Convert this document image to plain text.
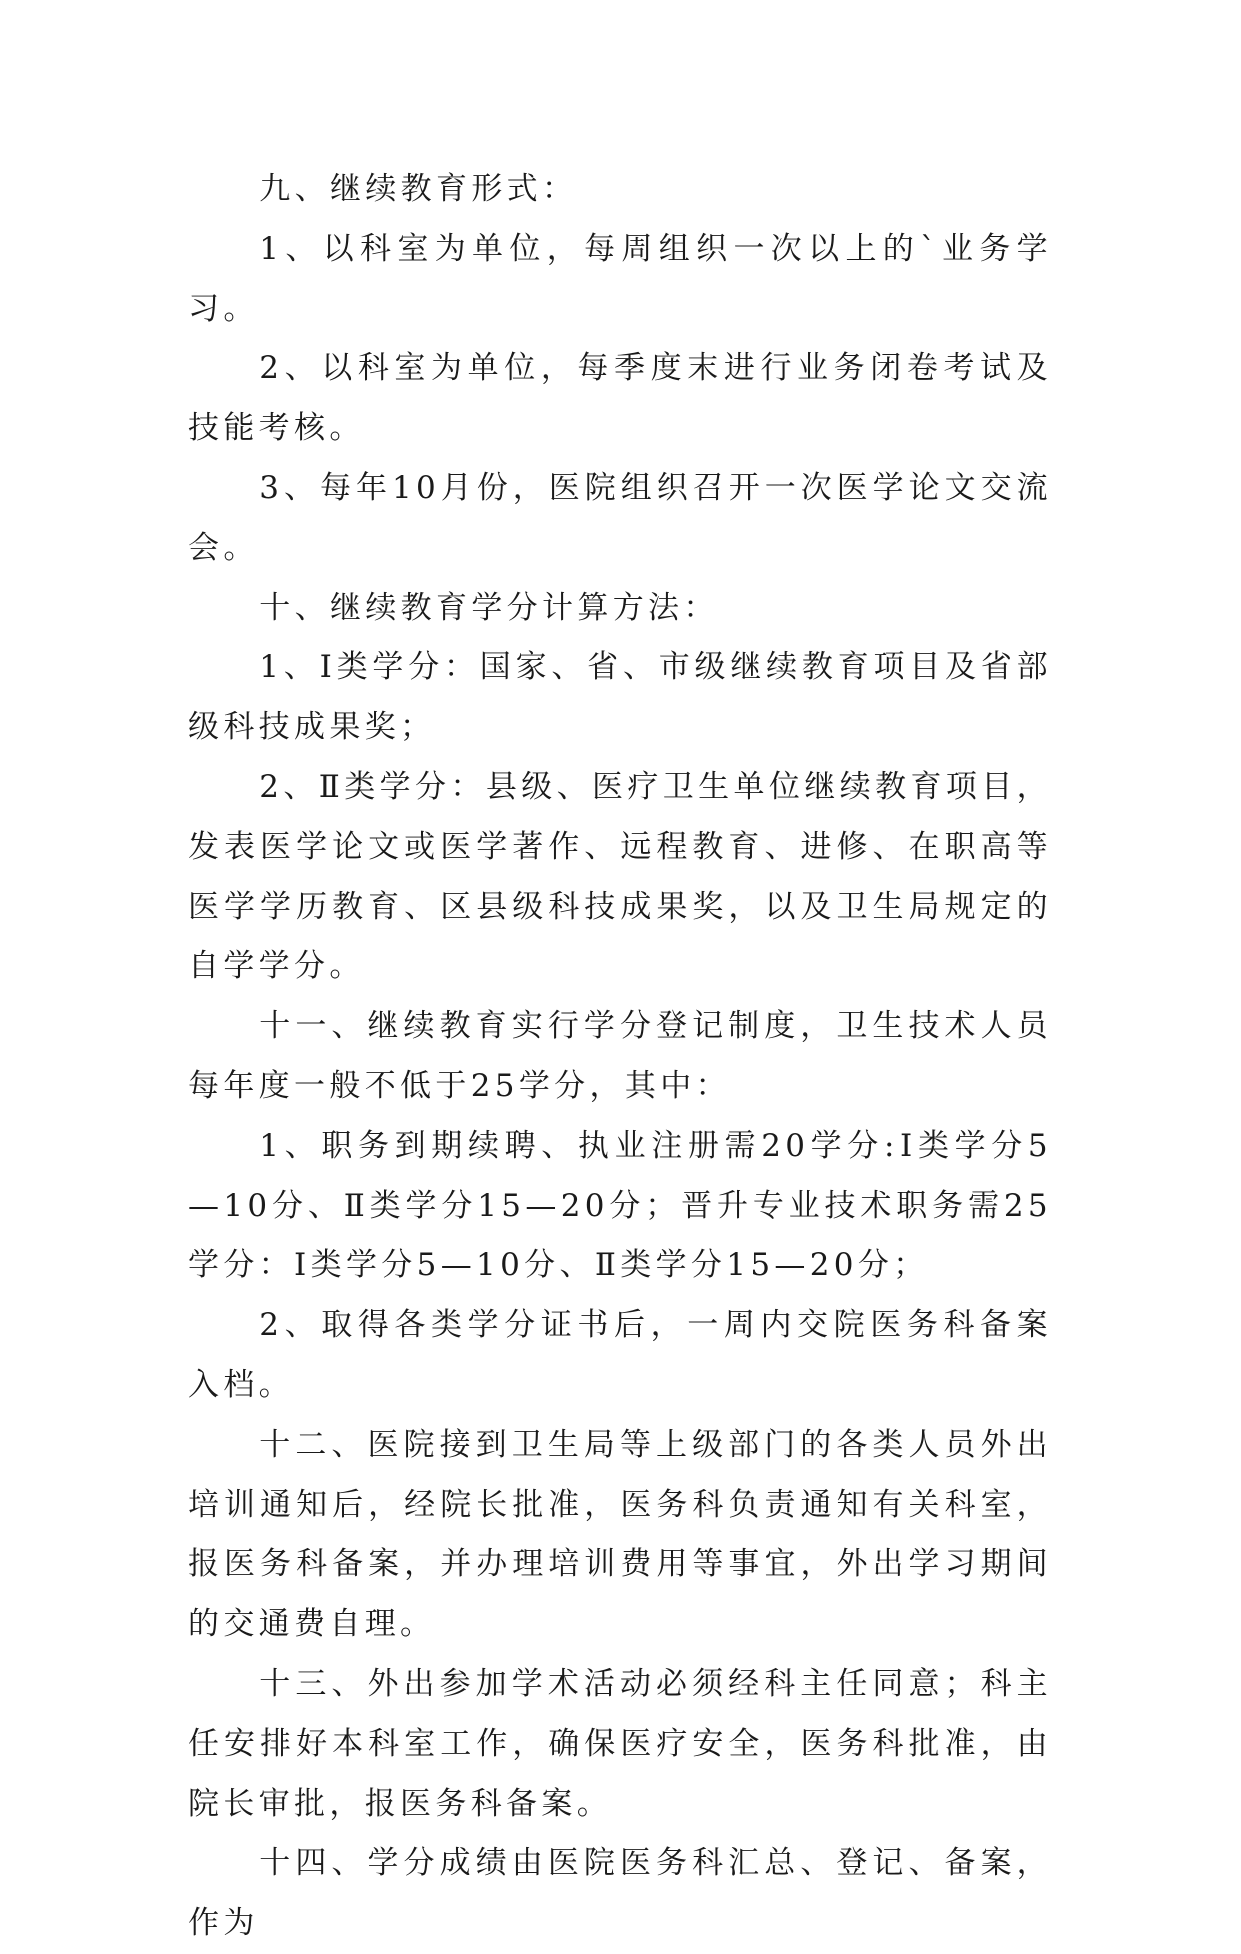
九、继续教育形式：

1、以科室为单位，每周组织一次以上的`业务学习。

2、以科室为单位，每季度末进行业务闭卷考试及技能考核。

3、每年10月份，医院组织召开一次医学论文交流会。

十、继续教育学分计算方法：

1、Ⅰ类学分：国家、省、市级继续教育项目及省部级科技成果奖；

2、Ⅱ类学分：县级、医疗卫生单位继续教育项目，发表医学论文或医学著作、远程教育、进修、在职高等医学学历教育、区县级科技成果奖，以及卫生局规定的自学学分。

十一、继续教育实行学分登记制度，卫生技术人员每年度一般不低于25学分，其中：

1、职务到期续聘、执业注册需20学分:Ⅰ类学分5—10分、Ⅱ类学分15—20分；晋升专业技术职务需25学分：Ⅰ类学分5—10分、Ⅱ类学分15—20分；

2、取得各类学分证书后，一周内交院医务科备案入档。

十二、医院接到卫生局等上级部门的各类人员外出培训通知后，经院长批准，医务科负责通知有关科室，报医务科备案，并办理培训费用等事宜，外出学习期间的交通费自理。

十三、外出参加学术活动必须经科主任同意；科主任安排好本科室工作，确保医疗安全，医务科批准，由院长审批，报医务科备案。

十四、学分成绩由医院医务科汇总、登记、备案，作为
